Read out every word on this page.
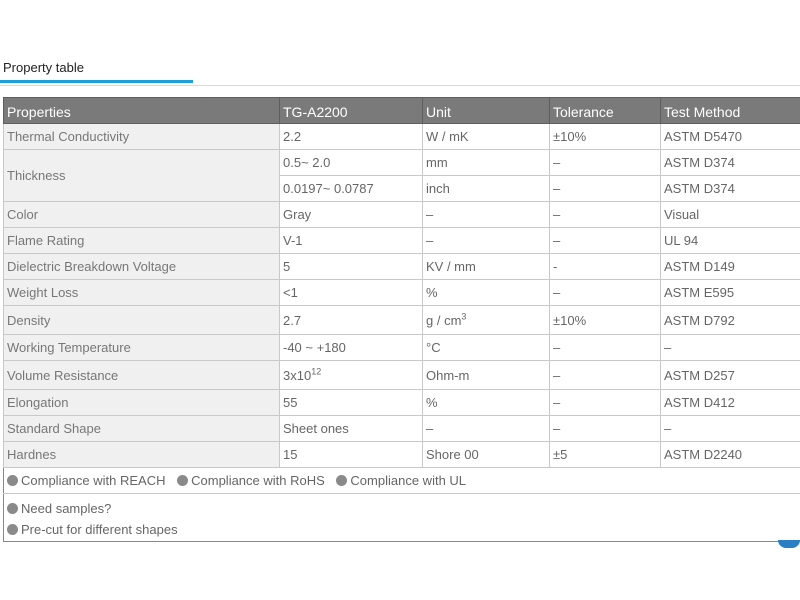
Property table
Properties	TG-A2200	Unit	Tolerance	Test Method
Thermal Conductivity	2.2	W / mK	±10%	ASTM D5470
Thickness	0.5~ 2.0	mm	–	ASTM D374
	0.0197~ 0.0787	inch	–	ASTM D374
Color	Gray	–	–	Visual
Flame Rating	V-1	–	–	UL 94
Dielectric Breakdown Voltage	5	KV / mm	-	ASTM D149
Weight Loss	<1	%	–	ASTM E595
Density	2.7	g / $cm^3$	±10%	ASTM D792
Working Temperature	-40 ~ +180	°C	–	–
Volume Resistance	$3x10^{12}$	Ohm-m	–	ASTM D257
Elongation	55	%	–	ASTM D412
Standard Shape	Sheet ones	–	–	–
Hardnes	15	Shore 00	±5	ASTM D2240

Compliance with REACH
Compliance with RoHS
Compliance with UL				

Need samples?
Pre-cut for different shapes				
